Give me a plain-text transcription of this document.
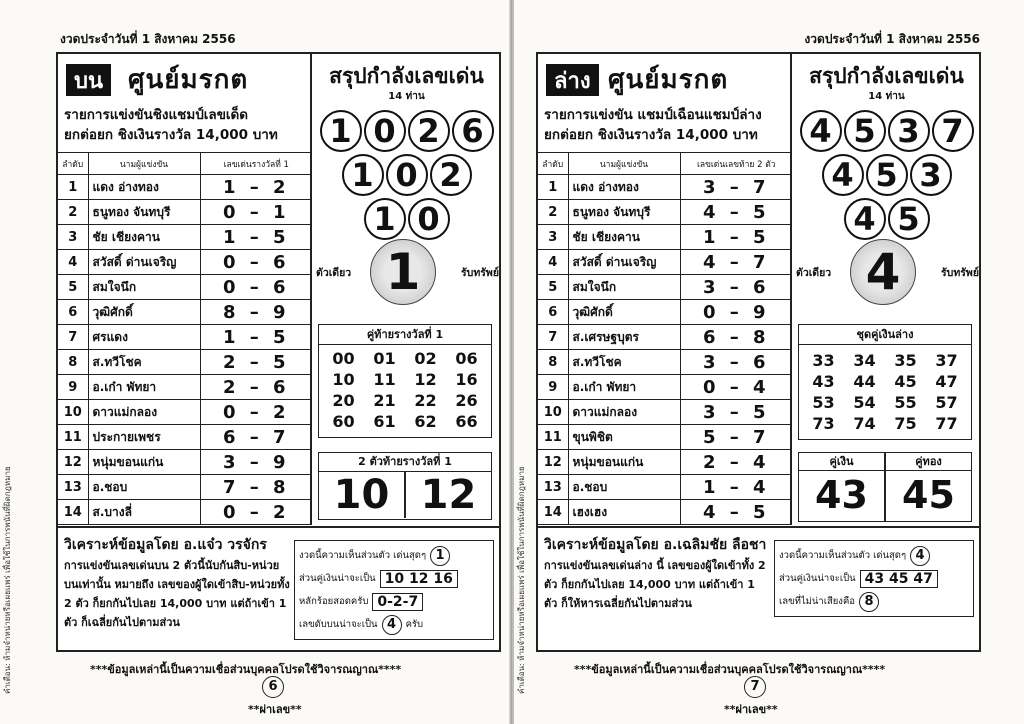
งวดประจำวันที่ 1 สิงหาคม 2556
บน ศูนย์มรกต
รายการแข่งขันชิงแชมป์เลขเด็ด
ยกต่อยก ชิงเงินรางวัล 14,000 บาท
ลำดับ	นามผู้แข่งขัน	เลขเด่นรางวัลที่ 1
1	แดง อ่างทอง	1 – 2
2	ธนูทอง จันทบุรี	0 – 1
3	ชัย เชียงคาน	1 – 5
4	สวัสดิ์ ด่านเจริญ	0 – 6
5	สมใจนึก	0 – 6
6	วุฒิศักดิ์	8 – 9
7	ศรแดง	1 – 5
8	ส.ทวีโชค	2 – 5
9	อ.เก๋า พัทยา	2 – 6
10	ดาวแม่กลอง	0 – 2
11	ประกายเพชร	6 – 7
12	หนุ่มขอนแก่น	3 – 9
13	อ.ชอบ	7 – 8
14	ส.บางลี่	0 – 2
สรุปกำลังเลขเด่น
14 ท่าน
1 0 2 6
1 0 2
1 0
ตัวเดียว 1	รับทรัพย์
คู่ท้ายรางวัลที่ 1
00	01	02	06
10	11	12	16
20	21	22	26
60	61	62	66
2 ตัวท้ายรางวัลที่ 1
10 12
วิเคราะห์ข้อมูลโดย อ.แจ๋ว วรจักร
การแข่งขันเลขเด่นบน 2 ตัวนี้นับกันสิบ-หน่วยบนเท่านั้น หมายถึง เลขของผู้ใดเข้าสิบ-หน่วยทั้ง 2 ตัว ก็ยกกันไปเลย 14,000 บาท แต่ถ้าเข้า 1 ตัว ก็เฉลี่ยกันไปตามส่วน
งวดนี้ความเห็นส่วนตัว เด่นสุดๆ 1
ส่วนคู่เงินน่าจะเป็น 10 12 16
หลักร้อยสอดครับ 0-2-7
เลขดับบนน่าจะเป็น 4 ครับ
***ข้อมูลเหล่านี้เป็นความเชื่อส่วนบุคคลโปรดใช้วิจารณญาณ****
6
**ผ่าเลข**
คำเตือน: ห้ามจำหน่ายหรือเผยแพร่ เพื่อใช้ในการพนันที่ผิดกฎหมาย
งวดประจำวันที่ 1 สิงหาคม 2556
ล่าง ศูนย์มรกต
รายการแข่งขัน แชมป์เฉือนแชมป์ล่าง
ยกต่อยก ชิงเงินรางวัล 14,000 บาท
ลำดับ	นามผู้แข่งขัน	เลขเด่นเลขท้าย 2 ตัว
1	แดง อ่างทอง	3 – 7
2	ธนูทอง จันทบุรี	4 – 5
3	ชัย เชียงคาน	1 – 5
4	สวัสดิ์ ด่านเจริญ	4 – 7
5	สมใจนึก	3 – 6
6	วุฒิศักดิ์	0 – 9
7	ส.เศรษฐบุตร	6 – 8
8	ส.ทวีโชค	3 – 6
9	อ.เก๋า พัทยา	0 – 4
10	ดาวแม่กลอง	3 – 5
11	ขุนพิชิต	5 – 7
12	หนุ่มขอนแก่น	2 – 4
13	อ.ชอบ	1 – 4
14	เฮงเฮง	4 – 5
สรุปกำลังเลขเด่น
14 ท่าน
4 5 3 7
4 5 3
4 5
ตัวเดียว 4	รับทรัพย์
ชุดคู่เงินล่าง
33	34	35	37
43	44	45	47
53	54	55	57
73	74	75	77
คู่เงิน
43
คู่ทอง
45
วิเคราะห์ข้อมูลโดย อ.เฉลิมชัย ลือชา
การแข่งขันเลขเด่นล่าง นี้ เลขของผู้ใดเข้าทั้ง 2 ตัว ก็ยกกันไปเลย 14,000 บาท แต่ถ้าเข้า 1 ตัว ก็ให้หารเฉลี่ยกันไปตามส่วน
งวดนี้ความเห็นส่วนตัว เด่นสุดๆ 4
ส่วนคู่เงินน่าจะเป็น 43 45 47
เลขที่ไม่น่าเสียงคือ 8
***ข้อมูลเหล่านี้เป็นความเชื่อส่วนบุคคลโปรดใช้วิจารณญาณ****
7
**ผ่าเลข**
คำเตือน: ห้ามจำหน่ายหรือเผยแพร่ เพื่อใช้ในการพนันที่ผิดกฎหมาย
